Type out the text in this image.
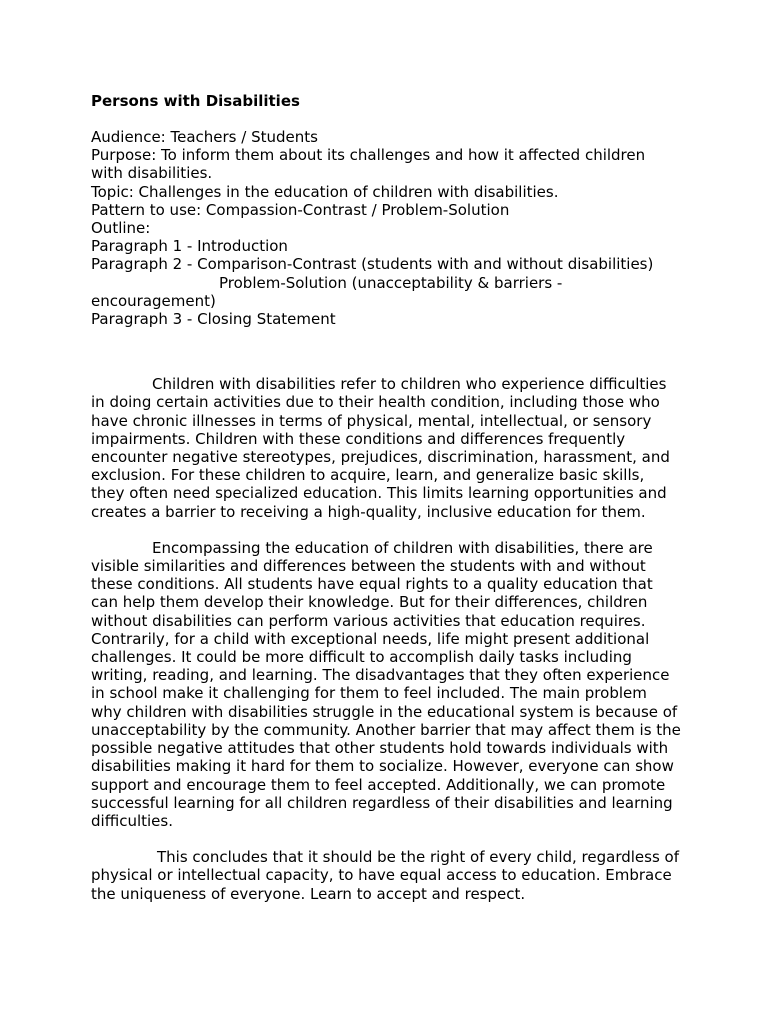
Persons with Disabilities

Audience: Teachers / Students
Purpose: To inform them about its challenges and how it affected children with disabilities.
Topic: Challenges in the education of children with disabilities.
Pattern to use: Compassion-Contrast / Problem-Solution
Outline:
Paragraph 1 - Introduction
Paragraph 2 - Comparison-Contrast (students with and without disabilities)
Problem-Solution (unacceptability & barriers -
encouragement)
Paragraph 3 - Closing Statement

Children with disabilities refer to children who experience difficulties in doing certain activities due to their health condition, including those who have chronic illnesses in terms of physical, mental, intellectual, or sensory impairments. Children with these conditions and differences frequently encounter negative stereotypes, prejudices, discrimination, harassment, and exclusion. For these children to acquire, learn, and generalize basic skills, they often need specialized education. This limits learning opportunities and creates a barrier to receiving a high-quality, inclusive education for them.

Encompassing the education of children with disabilities, there are visible similarities and differences between the students with and without these conditions. All students have equal rights to a quality education that can help them develop their knowledge. But for their differences, children without disabilities can perform various activities that education requires. Contrarily, for a child with exceptional needs, life might present additional challenges. It could be more difficult to accomplish daily tasks including writing, reading, and learning. The disadvantages that they often experience in school make it challenging for them to feel included. The main problem why children with disabilities struggle in the educational system is because of unacceptability by the community. Another barrier that may affect them is the possible negative attitudes that other students hold towards individuals with disabilities making it hard for them to socialize. However, everyone can show support and encourage them to feel accepted. Additionally, we can promote successful learning for all children regardless of their disabilities and learning difficulties.

This concludes that it should be the right of every child, regardless of physical or intellectual capacity, to have equal access to education. Embrace the uniqueness of everyone. Learn to accept and respect.
